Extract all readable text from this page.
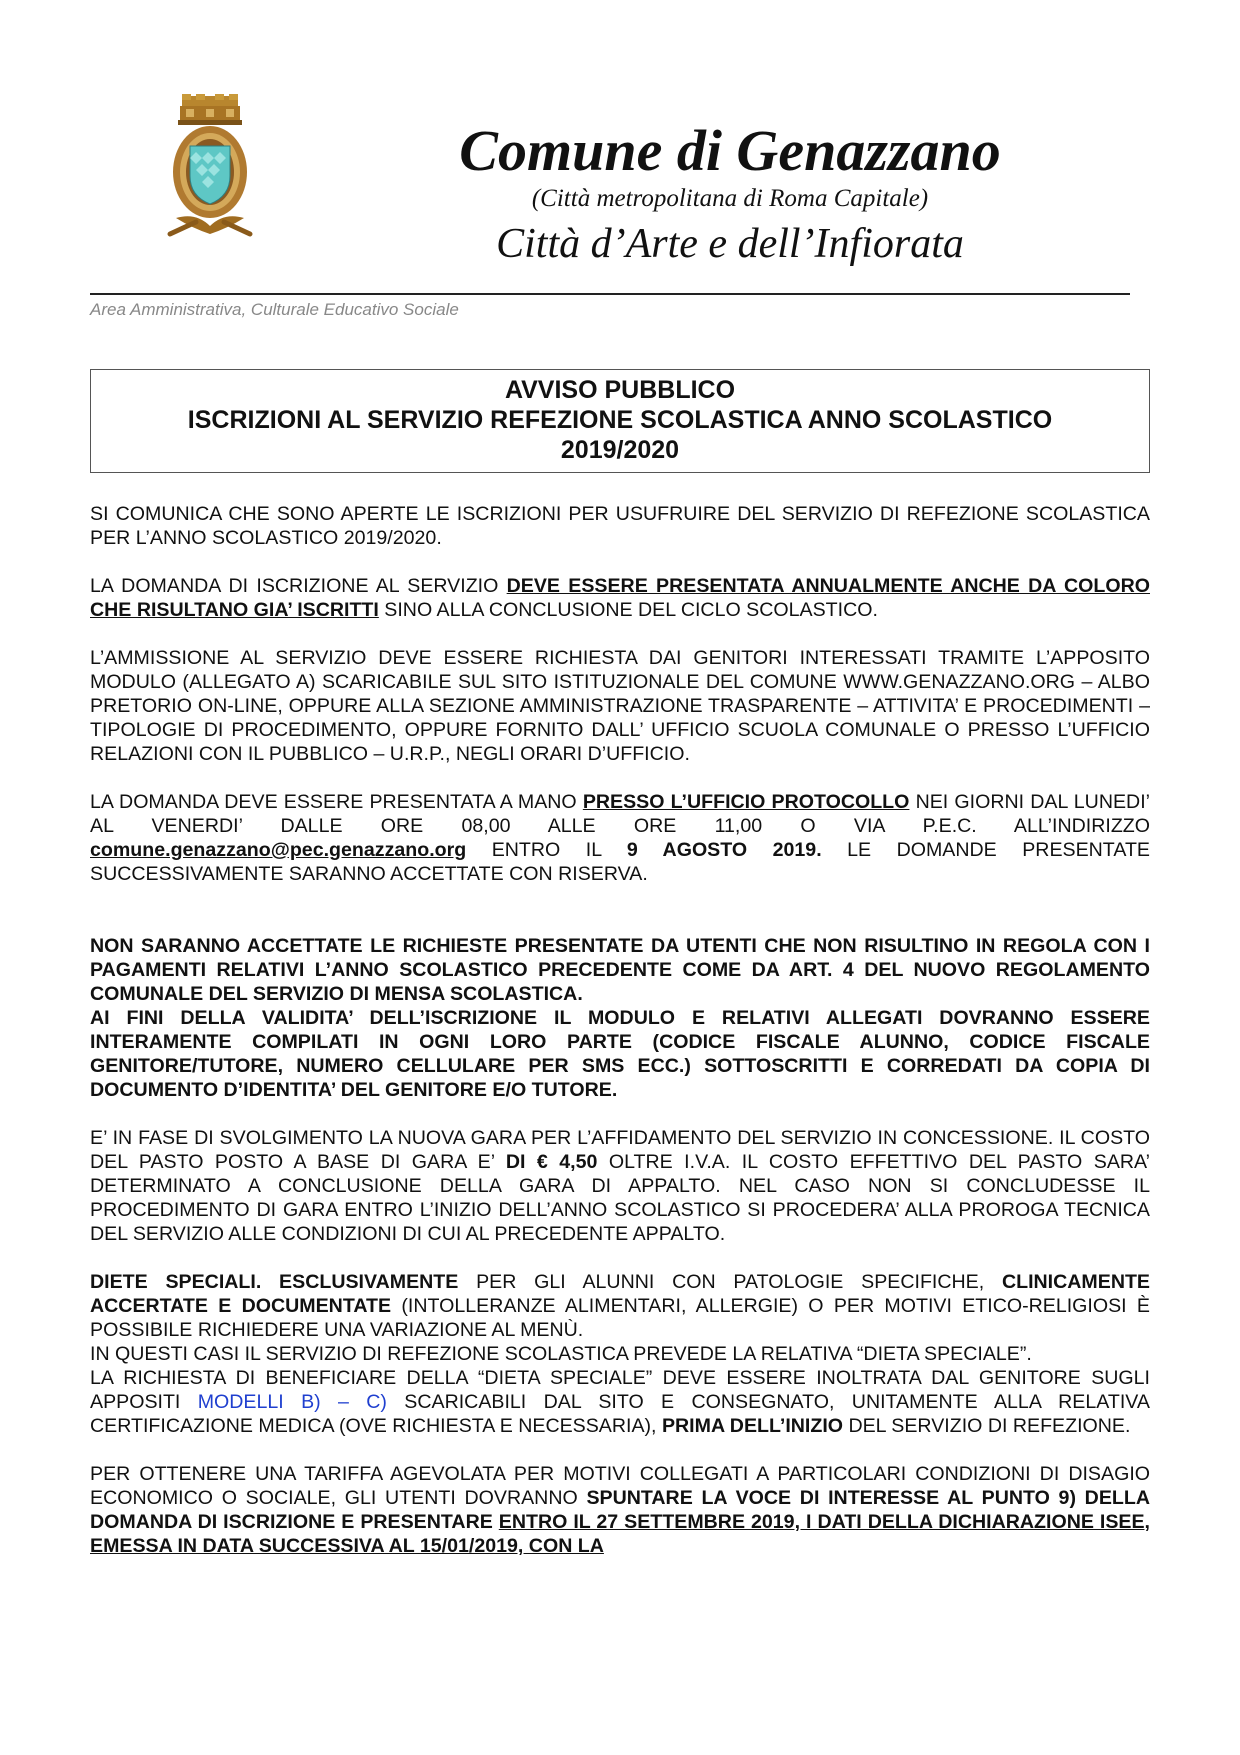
Comune di Genazzano
(Città metropolitana di Roma Capitale)
Città d’Arte e dell’Infiorata
Area Amministrativa, Culturale Educativo Sociale
AVVISO PUBBLICO
ISCRIZIONI AL SERVIZIO REFEZIONE SCOLASTICA ANNO SCOLASTICO
2019/2020

SI COMUNICA CHE SONO APERTE LE ISCRIZIONI PER USUFRUIRE DEL SERVIZIO DI REFEZIONE SCOLASTICA PER L’ANNO SCOLASTICO 2019/2020.

LA DOMANDA DI ISCRIZIONE AL SERVIZIO DEVE ESSERE PRESENTATA ANNUALMENTE ANCHE DA COLORO CHE RISULTANO GIA’ ISCRITTI SINO ALLA CONCLUSIONE DEL CICLO SCOLASTICO.

L’AMMISSIONE AL SERVIZIO DEVE ESSERE RICHIESTA DAI GENITORI INTERESSATI TRAMITE L’APPOSITO MODULO (ALLEGATO A) SCARICABILE SUL SITO ISTITUZIONALE DEL COMUNE WWW.GENAZZANO.ORG – ALBO PRETORIO ON-LINE, OPPURE ALLA SEZIONE AMMINISTRAZIONE TRASPARENTE – ATTIVITA’ E PROCEDIMENTI – TIPOLOGIE DI PROCEDIMENTO, OPPURE FORNITO DALL’ UFFICIO SCUOLA COMUNALE O PRESSO L’UFFICIO RELAZIONI CON IL PUBBLICO – U.R.P., NEGLI ORARI D’UFFICIO.

LA DOMANDA DEVE ESSERE PRESENTATA A MANO PRESSO L’UFFICIO PROTOCOLLO NEI GIORNI DAL LUNEDI’ AL VENERDI’ DALLE ORE 08,00 ALLE ORE 11,00 O VIA P.E.C. ALL’INDIRIZZO comune.genazzano@pec.genazzano.org ENTRO IL 9 AGOSTO 2019. LE DOMANDE PRESENTATE SUCCESSIVAMENTE SARANNO ACCETTATE CON RISERVA.

NON SARANNO ACCETTATE LE RICHIESTE PRESENTATE DA UTENTI CHE NON RISULTINO IN REGOLA CON I PAGAMENTI RELATIVI L’ANNO SCOLASTICO PRECEDENTE COME DA ART. 4 DEL NUOVO REGOLAMENTO COMUNALE DEL SERVIZIO DI MENSA SCOLASTICA.

AI FINI DELLA VALIDITA’ DELL’ISCRIZIONE IL MODULO E RELATIVI ALLEGATI DOVRANNO ESSERE INTERAMENTE COMPILATI IN OGNI LORO PARTE (CODICE FISCALE ALUNNO, CODICE FISCALE GENITORE/TUTORE, NUMERO CELLULARE PER SMS ECC.) SOTTOSCRITTI E CORREDATI DA COPIA DI DOCUMENTO D’IDENTITA’ DEL GENITORE E/O TUTORE.

E’ IN FASE DI SVOLGIMENTO LA NUOVA GARA PER L’AFFIDAMENTO DEL SERVIZIO IN CONCESSIONE. IL COSTO DEL PASTO POSTO A BASE DI GARA E’ DI € 4,50 OLTRE I.V.A. IL COSTO EFFETTIVO DEL PASTO SARA’ DETERMINATO A CONCLUSIONE DELLA GARA DI APPALTO. NEL CASO NON SI CONCLUDESSE IL PROCEDIMENTO DI GARA ENTRO L’INIZIO DELL’ANNO SCOLASTICO SI PROCEDERA’ ALLA PROROGA TECNICA DEL SERVIZIO ALLE CONDIZIONI DI CUI AL PRECEDENTE APPALTO.

DIETE SPECIALI. ESCLUSIVAMENTE PER GLI ALUNNI CON PATOLOGIE SPECIFICHE, CLINICAMENTE ACCERTATE E DOCUMENTATE (INTOLLERANZE ALIMENTARI, ALLERGIE) O PER MOTIVI ETICO-RELIGIOSI È POSSIBILE RICHIEDERE UNA VARIAZIONE AL MENÙ.

IN QUESTI CASI IL SERVIZIO DI REFEZIONE SCOLASTICA PREVEDE LA RELATIVA “DIETA SPECIALE”.

LA RICHIESTA DI BENEFICIARE DELLA “DIETA SPECIALE” DEVE ESSERE INOLTRATA DAL GENITORE SUGLI APPOSITI MODELLI B) – C) SCARICABILI DAL SITO E CONSEGNATO, UNITAMENTE ALLA RELATIVA CERTIFICAZIONE MEDICA (OVE RICHIESTA E NECESSARIA), PRIMA DELL’INIZIO DEL SERVIZIO DI REFEZIONE.

PER OTTENERE UNA TARIFFA AGEVOLATA PER MOTIVI COLLEGATI A PARTICOLARI CONDIZIONI DI DISAGIO ECONOMICO O SOCIALE, GLI UTENTI DOVRANNO SPUNTARE LA VOCE DI INTERESSE AL PUNTO 9) DELLA DOMANDA DI ISCRIZIONE E PRESENTARE ENTRO IL 27 SETTEMBRE 2019, I DATI DELLA DICHIARAZIONE ISEE, EMESSA IN DATA SUCCESSIVA AL 15/01/2019, CON LA
